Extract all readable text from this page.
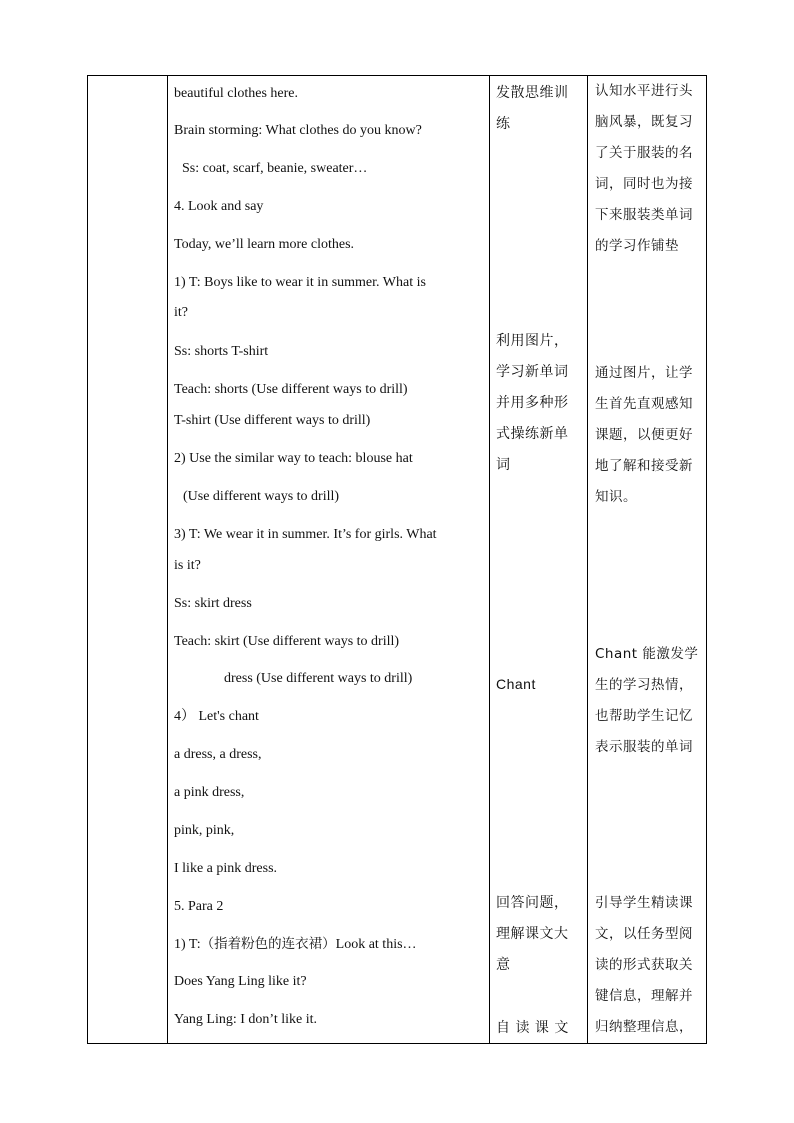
beautiful clothes here.
Brain storming: What clothes do you know?
Ss: coat, scarf, beanie, sweater…
4. Look and say
Today, we’ll learn more clothes.
1) T: Boys like to wear it in summer. What is
it?
Ss: shorts T-shirt
Teach: shorts (Use different ways to drill)
T-shirt (Use different ways to drill)
2) Use the similar way to teach: blouse hat
(Use different ways to drill)
3) T: We wear it in summer. It’s for girls. What
is it?
Ss: skirt dress
Teach: skirt (Use different ways to drill)
dress (Use different ways to drill)
4） Let's chant
a dress, a dress,
a pink dress,
pink, pink,
I like a pink dress.
5. Para 2
1) T:（指着粉色的连衣裙）Look at this…
Does Yang Ling like it?
Yang Ling: I don’t like it.
发散思维训练
利用图片，学习新单词并用多种形式操练新单词
Chant
回答问题，理解课文大意
自 读 课 文
认知水平进行头脑风暴，既复习了关于服装的名词，同时也为接下来服装类单词的学习作铺垫
通过图片，让学生首先直观感知课题，以便更好地了解和接受新知识。
Chant 能激发学生的学习热情，也帮助学生记忆表示服装的单词
引导学生精读课文，以任务型阅读的形式获取关键信息，理解并归纳整理信息，
